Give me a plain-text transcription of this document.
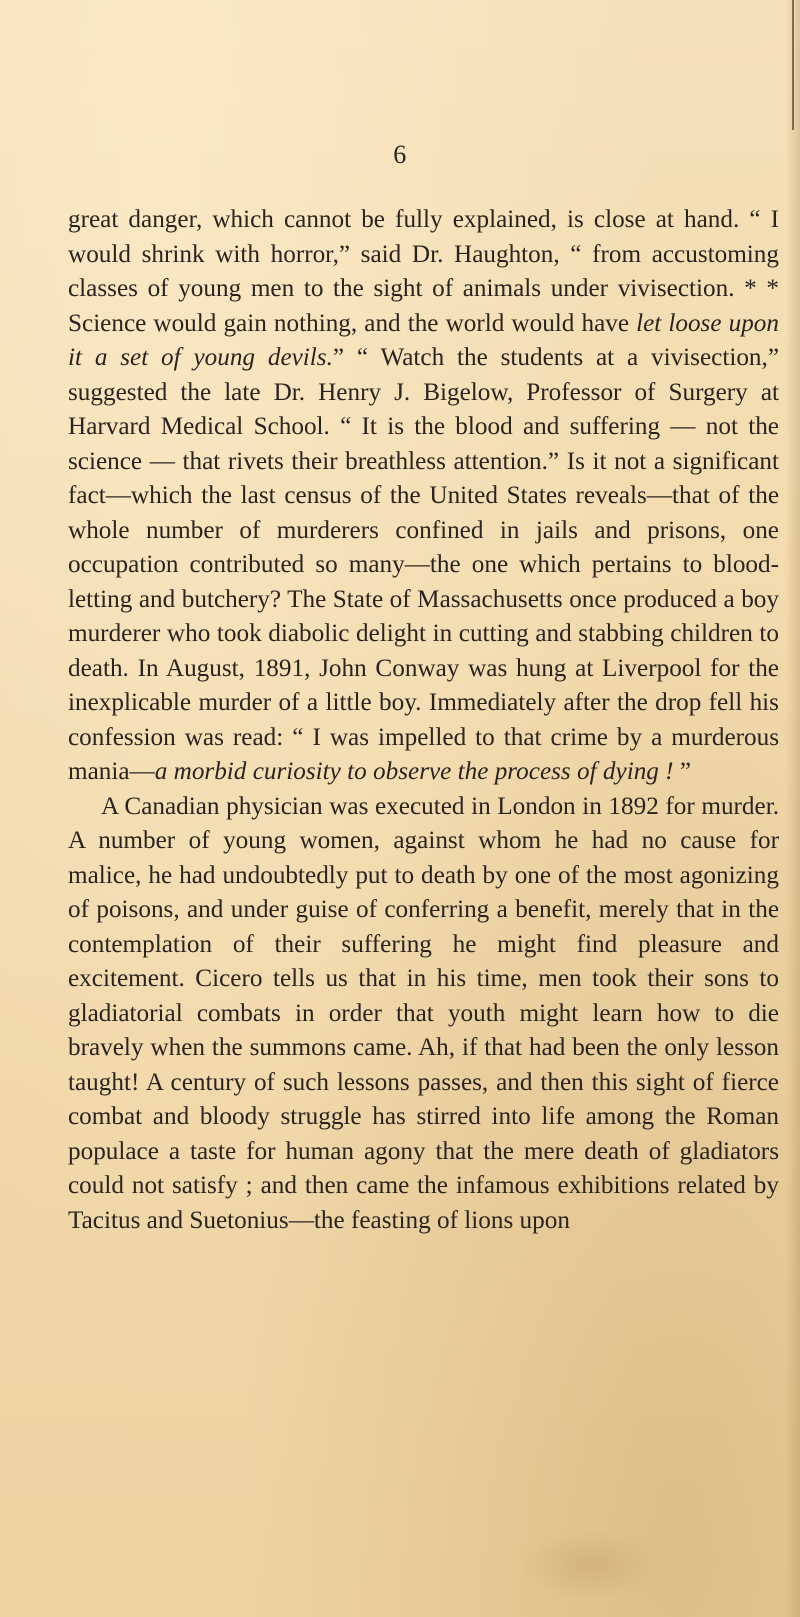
6

great danger, which cannot be fully explained, is close at hand. “ I would shrink with horror,” said Dr. Haughton, “ from accustoming classes of young men to the sight of animals under vivisection. * * Science would gain nothing, and the world would have let loose upon it a set of young devils.” “ Watch the students at a vivisection,” suggested the late Dr. Henry J. Bigelow, Professor of Surgery at Harvard Medical School. “ It is the blood and suffering — not the science — that rivets their breathless attention.” Is it not a significant fact—which the last census of the United States reveals—that of the whole number of murderers confined in jails and prisons, one occupation contributed so many—the one which pertains to blood-letting and butchery? The State of Massachusetts once produced a boy murderer who took diabolic delight in cutting and stabbing children to death. In August, 1891, John Conway was hung at Liverpool for the inexplicable murder of a little boy. Immediately after the drop fell his confession was read: “ I was impelled to that crime by a murderous mania—a morbid curiosity to observe the process of dying ! ”

A Canadian physician was executed in London in 1892 for murder. A number of young women, against whom he had no cause for malice, he had undoubtedly put to death by one of the most agonizing of poisons, and under guise of conferring a benefit, merely that in the contemplation of their suffering he might find pleasure and excitement. Cicero tells us that in his time, men took their sons to gladiatorial combats in order that youth might learn how to die bravely when the summons came. Ah, if that had been the only lesson taught! A century of such lessons passes, and then this sight of fierce combat and bloody struggle has stirred into life among the Roman populace a taste for human agony that the mere death of gladiators could not satisfy ; and then came the infamous exhibitions related by Tacitus and Suetonius—the feasting of lions upon
